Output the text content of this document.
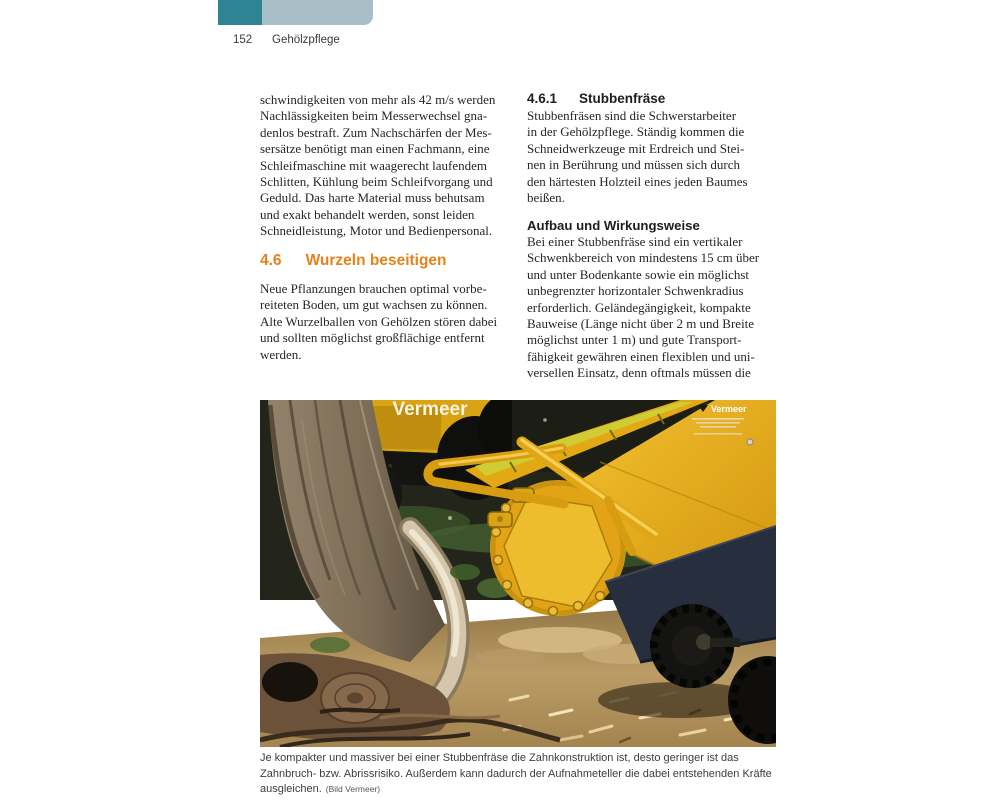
152 Gehölzpflege
schwindigkeiten von mehr als 42 m/s werden
Nachlässigkeiten beim Messerwechsel gna-
denlos bestraft. Zum Nachschärfen der Mes-
sersätze benötigt man einen Fachmann, eine
Schleifmaschine mit waagerecht laufendem
Schlitten, Kühlung beim Schleifvorgang und
Geduld. Das harte Material muss behutsam
und exakt behandelt werden, sonst leiden
Schneidleistung, Motor und Bedienpersonal.
4.6 Wurzeln beseitigen
Neue Pflanzungen brauchen optimal vorbe-
reiteten Boden, um gut wachsen zu können.
Alte Wurzelballen von Gehölzen stören dabei
und sollten möglichst großflächige entfernt
werden.
4.6.1 Stubbenfräse
Stubbenfräsen sind die Schwerstarbeiter
in der Gehölzpflege. Ständig kommen die
Schneidwerkzeuge mit Erdreich und Stei-
nen in Berührung und müssen sich durch
den härtesten Holzteil eines jeden Baumes
beißen.
Aufbau und Wirkungsweise
Bei einer Stubbenfräse sind ein vertikaler
Schwenkbereich von mindestens 15 cm über
und unter Bodenkante sowie ein möglichst
unbegrenzter horizontaler Schwenkradius
erforderlich. Geländegängigkeit, kompakte
Bauweise (Länge nicht über 2 m und Breite
möglichst unter 1 m) und gute Transport-
fähigkeit gewähren einen flexiblen und uni-
versellen Einsatz, denn oftmals müssen die
Vermeer	Vermeer
Je kompakter und massiver bei einer Stubbenfräse die Zahnkonstruktion ist, desto geringer ist das
Zahnbruch- bzw. Abrissrisiko. Außerdem kann dadurch der Aufnahmeteller die dabei entstehenden Kräfte
ausgleichen. (Bild Vermeer)
